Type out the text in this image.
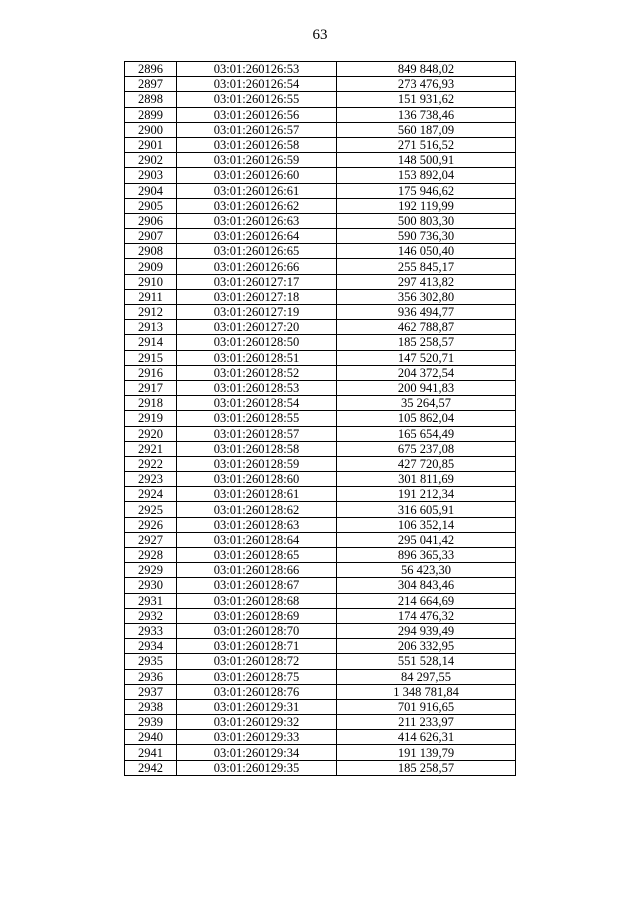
63
2896	03:01:260126:53	849 848,02
2897	03:01:260126:54	273 476,93
2898	03:01:260126:55	151 931,62
2899	03:01:260126:56	136 738,46
2900	03:01:260126:57	560 187,09
2901	03:01:260126:58	271 516,52
2902	03:01:260126:59	148 500,91
2903	03:01:260126:60	153 892,04
2904	03:01:260126:61	175 946,62
2905	03:01:260126:62	192 119,99
2906	03:01:260126:63	500 803,30
2907	03:01:260126:64	590 736,30
2908	03:01:260126:65	146 050,40
2909	03:01:260126:66	255 845,17
2910	03:01:260127:17	297 413,82
2911	03:01:260127:18	356 302,80
2912	03:01:260127:19	936 494,77
2913	03:01:260127:20	462 788,87
2914	03:01:260128:50	185 258,57
2915	03:01:260128:51	147 520,71
2916	03:01:260128:52	204 372,54
2917	03:01:260128:53	200 941,83
2918	03:01:260128:54	35 264,57
2919	03:01:260128:55	105 862,04
2920	03:01:260128:57	165 654,49
2921	03:01:260128:58	675 237,08
2922	03:01:260128:59	427 720,85
2923	03:01:260128:60	301 811,69
2924	03:01:260128:61	191 212,34
2925	03:01:260128:62	316 605,91
2926	03:01:260128:63	106 352,14
2927	03:01:260128:64	295 041,42
2928	03:01:260128:65	896 365,33
2929	03:01:260128:66	56 423,30
2930	03:01:260128:67	304 843,46
2931	03:01:260128:68	214 664,69
2932	03:01:260128:69	174 476,32
2933	03:01:260128:70	294 939,49
2934	03:01:260128:71	206 332,95
2935	03:01:260128:72	551 528,14
2936	03:01:260128:75	84 297,55
2937	03:01:260128:76	1 348 781,84
2938	03:01:260129:31	701 916,65
2939	03:01:260129:32	211 233,97
2940	03:01:260129:33	414 626,31
2941	03:01:260129:34	191 139,79
2942	03:01:260129:35	185 258,57
